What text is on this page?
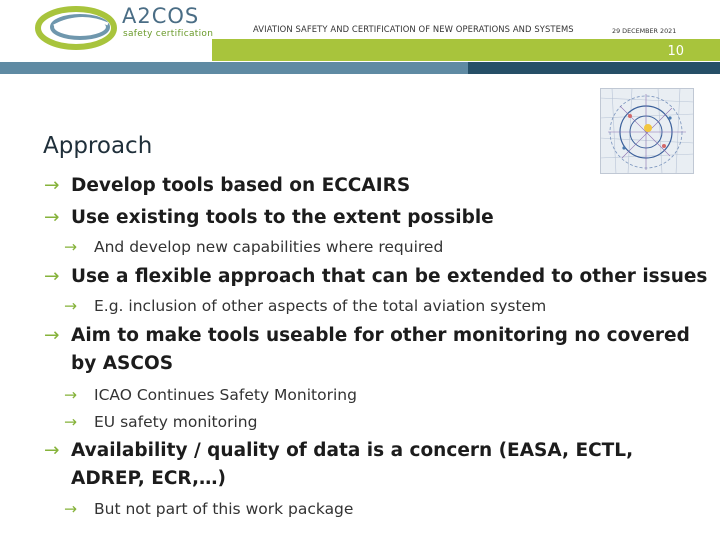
A2COS
safety certification	AVIATION SAFETY AND CERTIFICATION OF NEW OPERATIONS AND SYSTEMS	29 DECEMBER 2021
10
Approach
→ Develop tools based on ECCAIRS
→ Use existing tools to the extent possible
→ And develop new capabilities where required
→ Use a flexible approach that can be extended to other issues
→ E.g. inclusion of other aspects of the total aviation system
→ Aim to make tools useable for other monitoring no covered
by ASCOS
→ ICAO Continues Safety Monitoring
→ EU safety monitoring
→ Availability / quality of data is a concern (EASA, ECTL,
ADREP, ECR,…)
→ But not part of this work package
